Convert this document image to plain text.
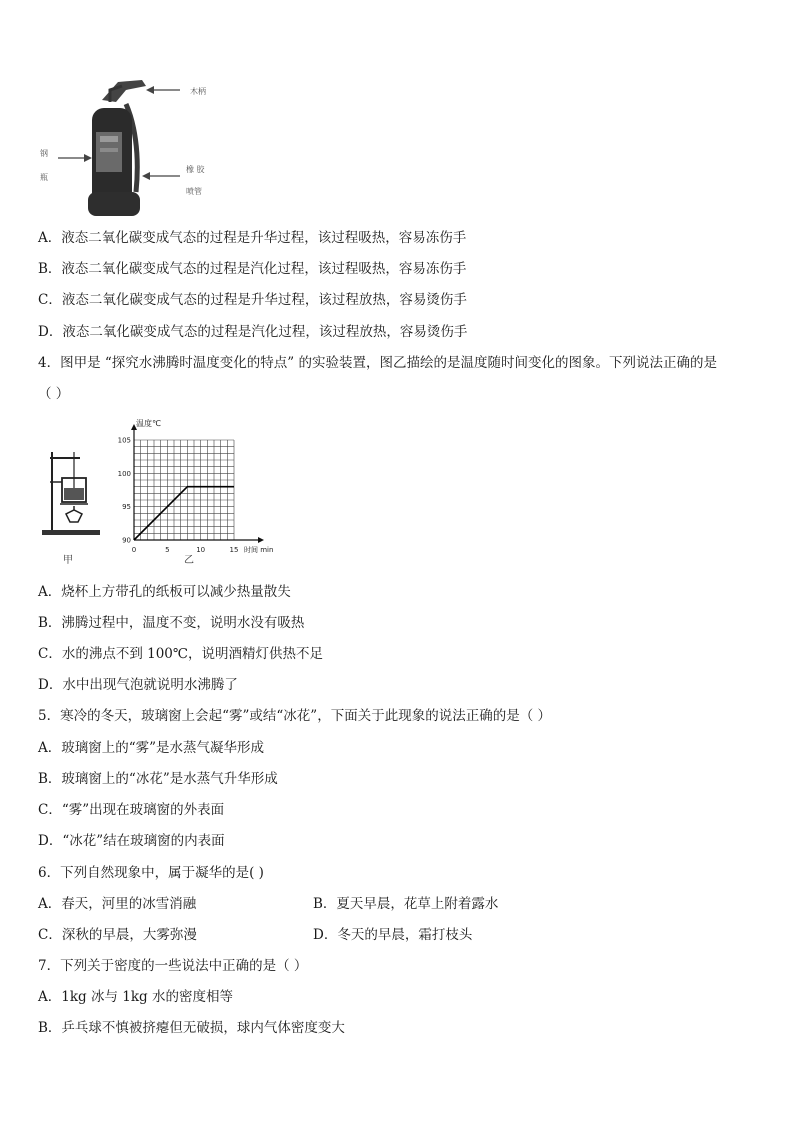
木柄
钢
瓶
橡 胶
喷管
A．液态二氧化碳变成气态的过程是升华过程，该过程吸热，容易冻伤手
B．液态二氧化碳变成气态的过程是汽化过程，该过程吸热，容易冻伤手
C．液态二氧化碳变成气态的过程是升华过程，该过程放热，容易烫伤手
D．液态二氧化碳变成气态的过程是汽化过程，该过程放热，容易烫伤手
4．图甲是 “探究水沸腾时温度变化的特点” 的实验装置，图乙描绘的是温度随时间变化的图象。下列说法正确的是
（ ）
甲
0	5	10	15
90
95
100
105
温度℃
时间 min
乙
A．烧杯上方带孔的纸板可以减少热量散失
B．沸腾过程中，温度不变，说明水没有吸热
C．水的沸点不到 100℃，说明酒精灯供热不足
D．水中出现气泡就说明水沸腾了
5．寒冷的冬天，玻璃窗上会起“雾”或结“冰花”，下面关于此现象的说法正确的是（ ）
A．玻璃窗上的“雾”是水蒸气凝华形成
B．玻璃窗上的“冰花”是水蒸气升华形成
C．“雾”出现在玻璃窗的外表面
D．“冰花”结在玻璃窗的内表面
6．下列自然现象中，属于凝华的是( )
A．春天，河里的冰雪消融	B．夏天早晨，花草上附着露水
C．深秋的早晨，大雾弥漫	D．冬天的早晨，霜打枝头
7．下列关于密度的一些说法中正确的是（ ）
A．1kg 冰与 1kg 水的密度相等
B．乒乓球不慎被挤瘪但无破损，球内气体密度变大
